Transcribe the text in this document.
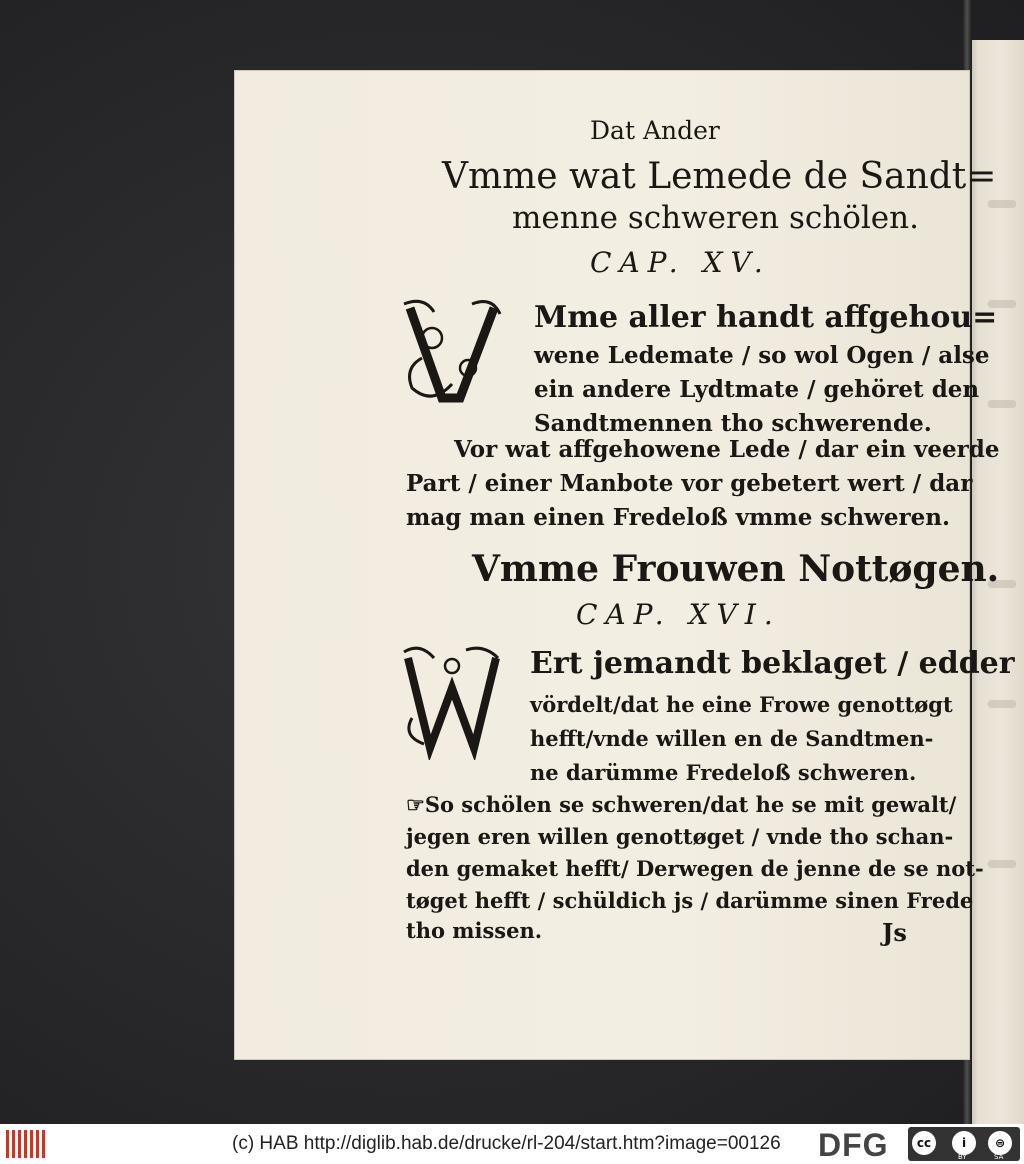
Dat Ander
Vmme wat Lemede de Sandt=
menne schweren schölen.
CAP. XV.
Mme aller handt affgehou=
wene Ledemate / so wol Ogen / alse
ein andere Lydtmate / gehöret den
Sandtmennen tho schwerende.
Vor wat affgehowene Lede / dar ein veerde
Part / einer Manbote vor gebetert wert / dar
mag man einen Fredeloß vmme schweren.
Vmme Frouwen Nottøgen.
CAP. XVI.
Ert jemandt beklaget / edder
vördelt/dat he eine Frowe genottøgt
hefft/vnde willen en de Sandtmen-
ne darümme Fredeloß schweren.
☞So schölen se schweren/dat he se mit gewalt/
jegen eren willen genottøget / vnde tho schan-
den gemaket hefft/ Derwegen de jenne de se not-
tøget hefft / schüldich js / darümme sinen Frede
tho missen.	Js
(c) HAB http://diglib.hab.de/drucke/rl-204/start.htm?image=00126 DFG	cc	i	⊜
BY	SA
